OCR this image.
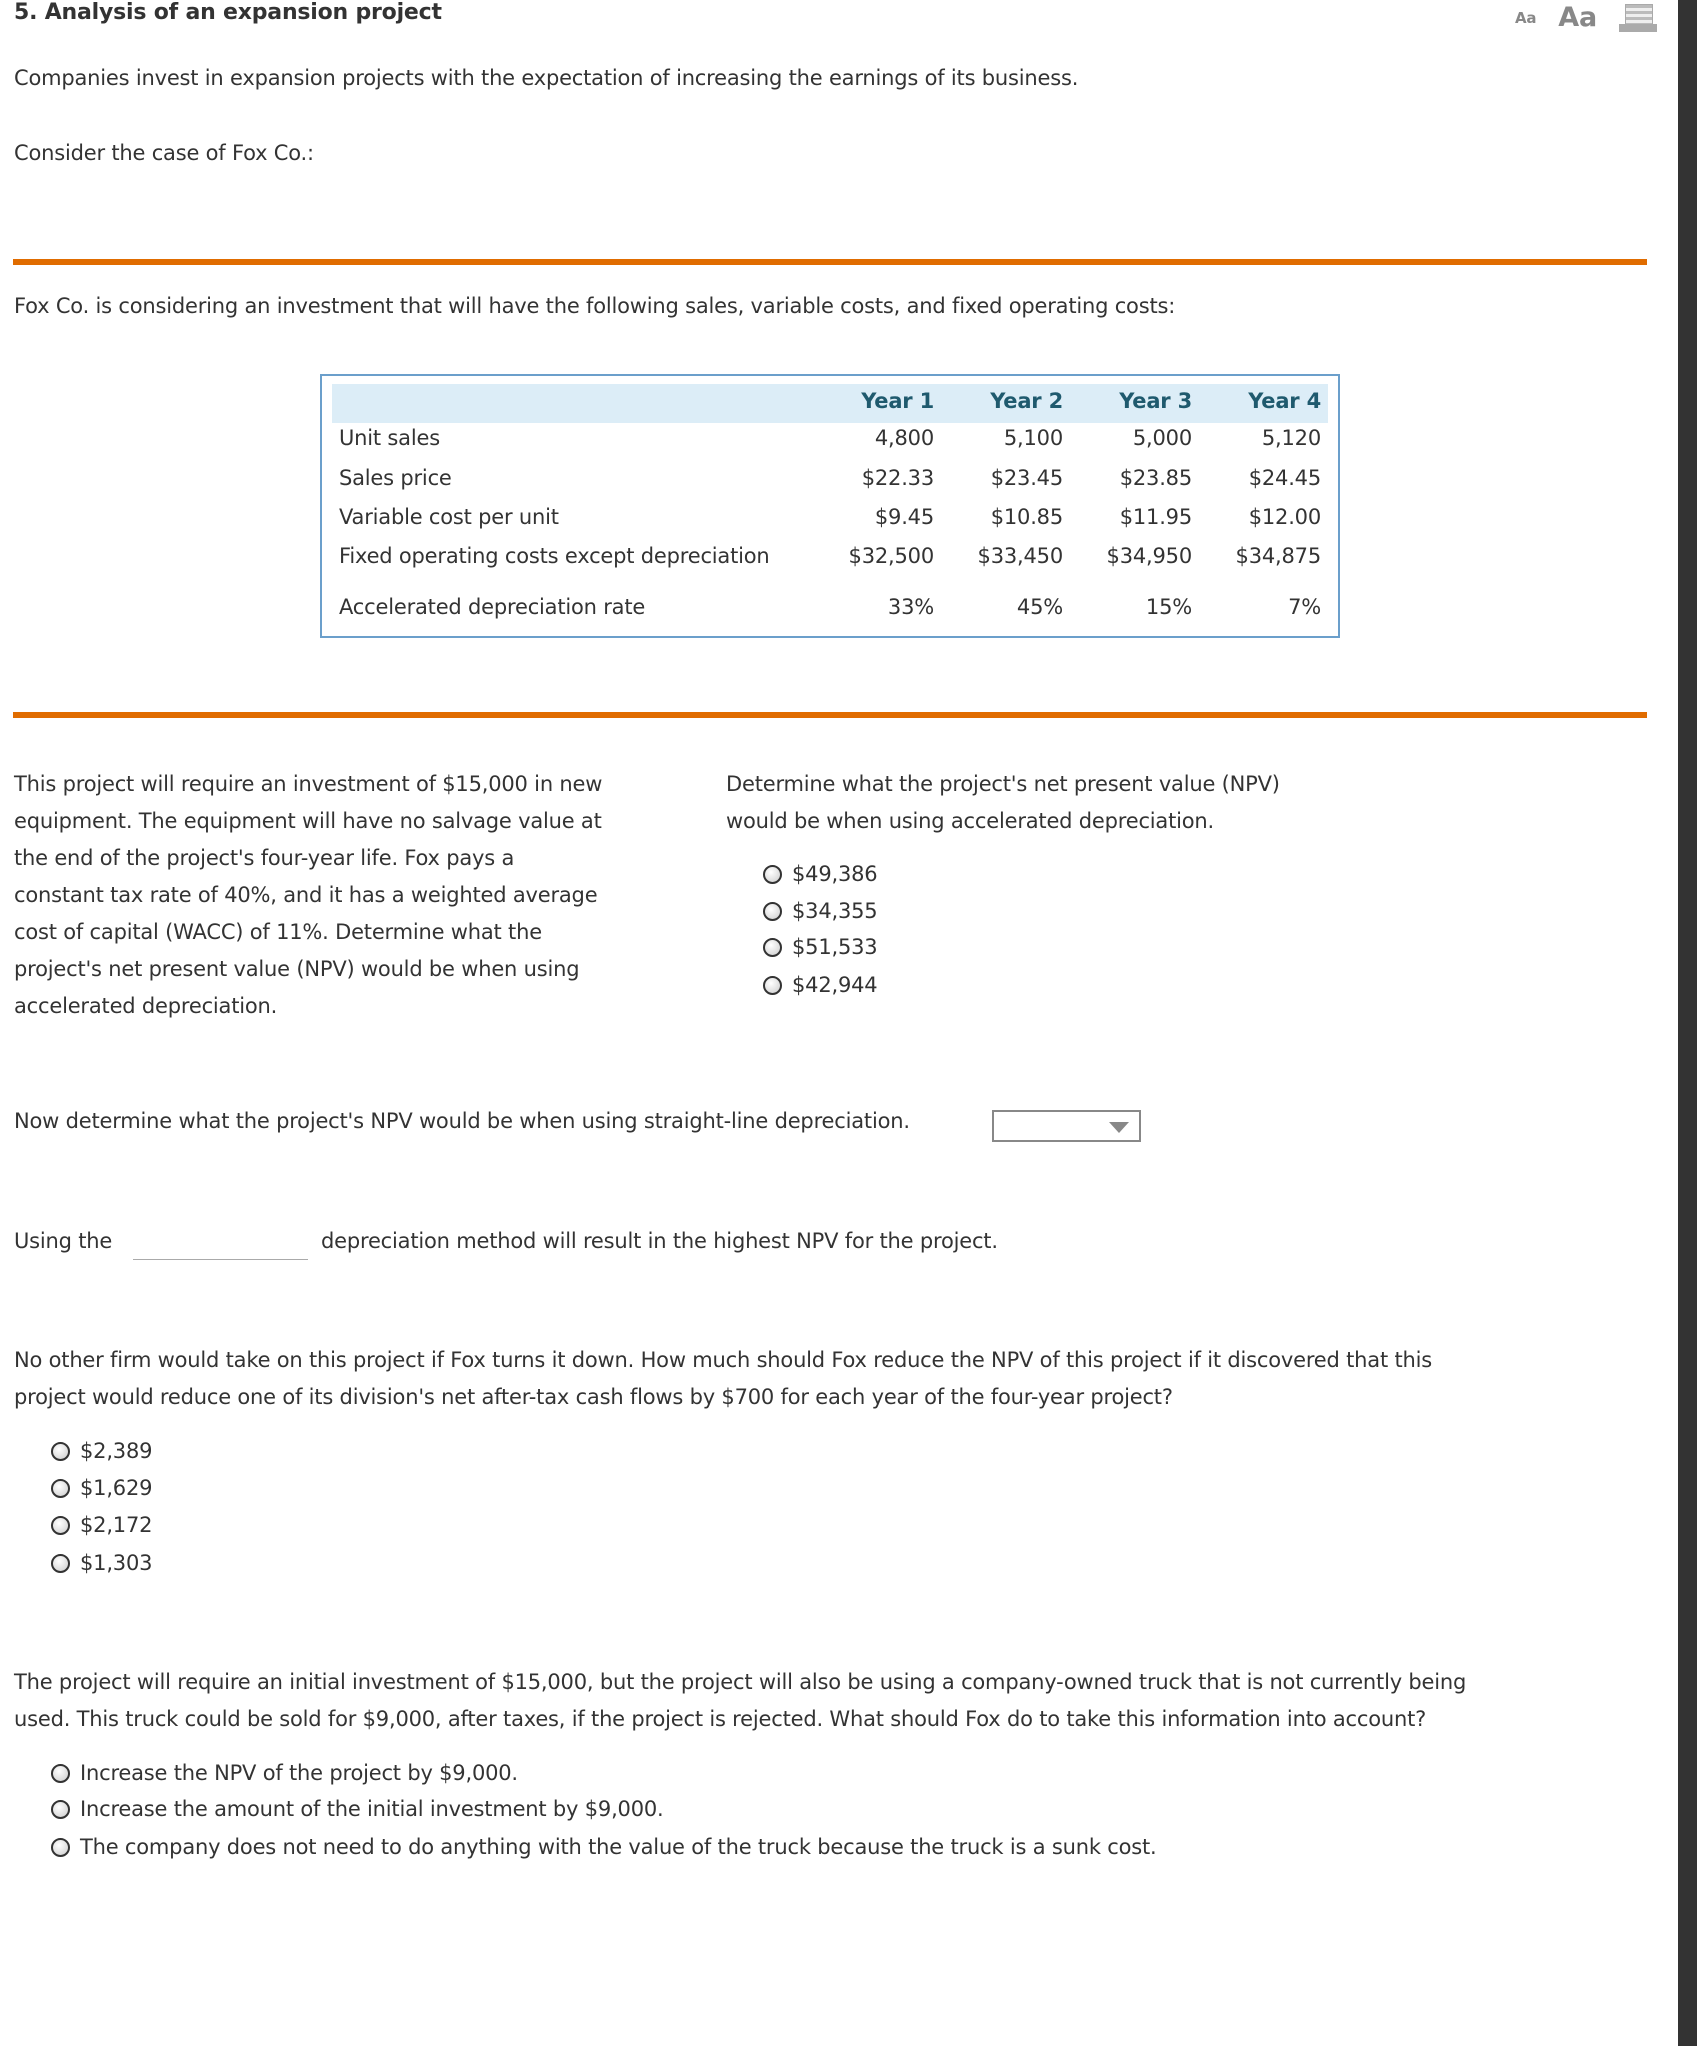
5. Analysis of an expansion project	Aa Aa
Companies invest in expansion projects with the expectation of increasing the earnings of its business.
Consider the case of Fox Co.:
Fox Co. is considering an investment that will have the following sales, variable costs, and fixed operating costs:
Year 1	Year 2	Year 3	Year 4
Unit sales	4,800	5,100	5,000	5,120
Sales price	$22.33	$23.45	$23.85	$24.45
Variable cost per unit	$9.45	$10.85	$11.95	$12.00
Fixed operating costs except depreciation	$32,500 $33,450 $34,950 $34,875
Accelerated depreciation rate	33%	45%	15%	7%
This project will require an investment of $15,000 in new
equipment. The equipment will have no salvage value at
the end of the project's four-year life. Fox pays a
constant tax rate of 40%, and it has a weighted average
cost of capital (WACC) of 11%. Determine what the
project's net present value (NPV) would be when using
accelerated depreciation.
Determine what the project's net present value (NPV)
would be when using accelerated depreciation.
$49,386
$34,355
$51,533
$42,944
Now determine what the project's NPV would be when using straight-line depreciation.
Using the	depreciation method will result in the highest NPV for the project.
No other firm would take on this project if Fox turns it down. How much should Fox reduce the NPV of this project if it discovered that this
project would reduce one of its division's net after-tax cash flows by $700 for each year of the four-year project?
$2,389
$1,629
$2,172
$1,303
The project will require an initial investment of $15,000, but the project will also be using a company-owned truck that is not currently being
used. This truck could be sold for $9,000, after taxes, if the project is rejected. What should Fox do to take this information into account?
Increase the NPV of the project by $9,000.
Increase the amount of the initial investment by $9,000.
The company does not need to do anything with the value of the truck because the truck is a sunk cost.
